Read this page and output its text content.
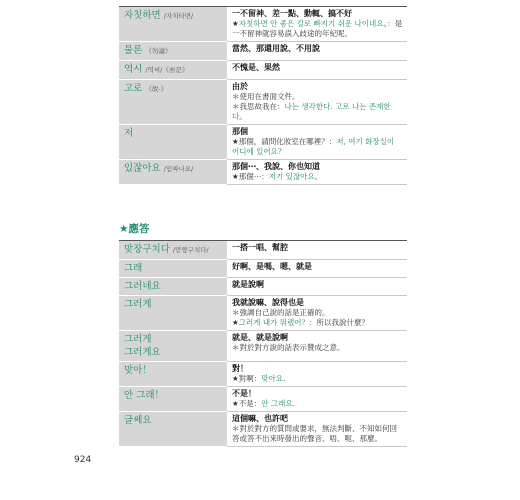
자칫하면 /자치타면/	一不留神、差一點、動輒、搞不好
★자칫하면 안 좋은 길로 빠지기 쉬운 나이네요。：是一不留神就容易誤入歧途的年紀呢。

물론 《勿論》	當然、那還用說、不用說

역시 /역씨/《亦是》	不愧是、果然

고로 《故-》	由於
＊使用在書面文件。
＊我思故我在：나는 생각한다. 고로 나는 존재한다。

저	那個
★那個，請問化妝室在哪裡？：저, 여기 화장실이 어디에 있어요？

있잖아요 /읻짜나요/	那個⋯、我說、你也知道
★那個⋯：저기 있잖아요。
★應答
맞장구치다 /맏짱구치다/	一搭一唱、幫腔

그래	好啊、是嗎、嗯、就是

그러네요	就是說啊

그러게	我就說嘛、說得也是
＊強調自己說的話是正確的。
★그러게 내가 뭐랬어？：所以我說什麼？

그러게
그러게요	就是、就是說啊
＊對於對方說的話表示贊成之意。

맞아！	對！
★對啊：맞아요.

안 그래！	不是！
★不是：안 그래요.

글쎄요	這個嘛、也許吧
＊對於對方的質問或要求，無法判斷、不知如何回答或答不出來時發出的聲音、唔、呃、那麼。
924
